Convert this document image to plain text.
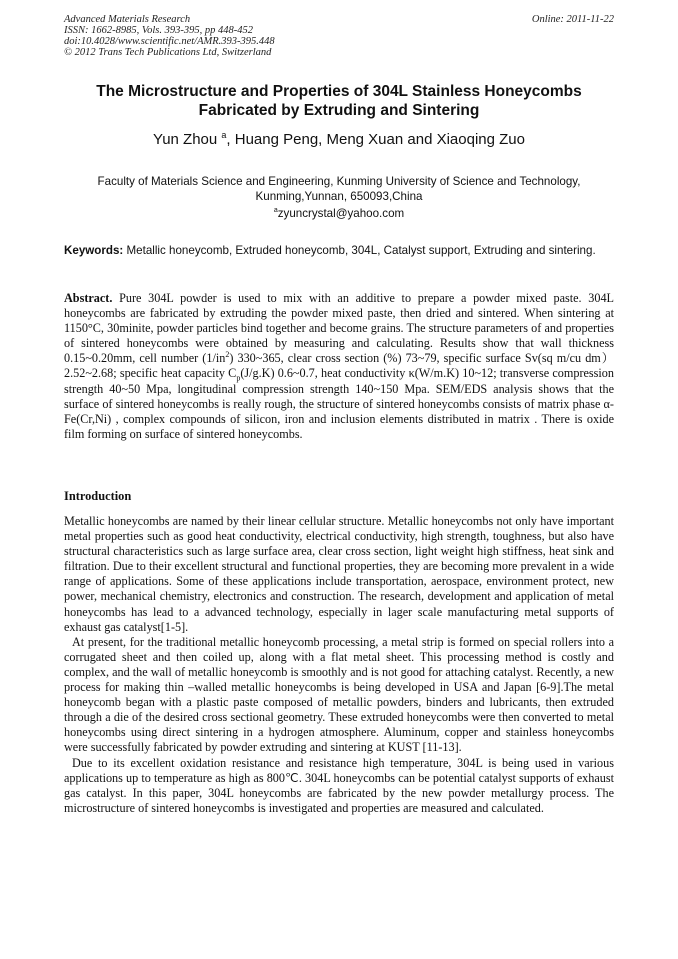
Advanced Materials Research
ISSN: 1662-8985, Vols. 393-395, pp 448-452
doi:10.4028/www.scientific.net/AMR.393-395.448
© 2012 Trans Tech Publications Ltd, Switzerland
Online: 2011-11-22
The Microstructure and Properties of 304L Stainless Honeycombs
Fabricated by Extruding and Sintering
Yun Zhou $^a$, Huang Peng, Meng Xuan and Xiaoqing Zuo
Faculty of Materials Science and Engineering, Kunming University of Science and Technology,
Kunming,Yunnan, 650093,China
$^a$zyuncrystal@yahoo.com
Keywords: Metallic honeycomb, Extruded honeycomb, 304L, Catalyst support, Extruding and sintering.
Abstract. Pure 304L powder is used to mix with an additive to prepare a powder mixed paste. 304L honeycombs are fabricated by extruding the powder mixed paste, then dried and sintered. When sintering at 1150°C, 30minite, powder particles bind together and become grains. The structure parameters of and properties of sintered honeycombs were obtained by measuring and calculating. Results show that wall thickness 0.15~0.20mm, cell number $(1/in^2)$ 330~365, clear cross section (%) 73~79, specific surface Sv(sq m/cu dm）2.52~2.68; specific heat capacity $C_p(J/g.K)$ 0.6~0.7, heat conductivity κ(W/m.K) 10~12; transverse compression strength 40~50 Mpa, longitudinal compression strength 140~150 Mpa. SEM/EDS analysis shows that the surface of sintered honeycombs is really rough, the structure of sintered honeycombs consists of matrix phase α-Fe(Cr,Ni) , complex compounds of silicon, iron and inclusion elements distributed in matrix . There is oxide film forming on surface of sintered honeycombs.
Introduction

Metallic honeycombs are named by their linear cellular structure. Metallic honeycombs not only have important metal properties such as good heat conductivity, electrical conductivity, high strength, toughness, but also have structural characteristics such as large surface area, clear cross section, light weight high stiffness, heat sink and filtration. Due to their excellent structural and functional properties, they are becoming more prevalent in a wide range of applications. Some of these applications include transportation, aerospace, environment protect, new power, mechanical chemistry, electronics and construction. The research, development and application of metal honeycombs has lead to a advanced technology, especially in lager scale manufacturing metal supports of exhaust gas catalyst[1-5].

At present, for the traditional metallic honeycomb processing, a metal strip is formed on special rollers into a corrugated sheet and then coiled up, along with a flat metal sheet. This processing method is costly and complex, and the wall of metallic honeycomb is smoothly and is not good for attaching catalyst. Recently, a new process for making thin –walled metallic honeycombs is being developed in USA and Japan [6-9].The metal honeycomb began with a plastic paste composed of metallic powders, binders and lubricants, then extruded through a die of the desired cross sectional geometry. These extruded honeycombs were then converted to metal honeycombs using direct sintering in a hydrogen atmosphere. Aluminum, copper and stainless honeycombs were successfully fabricated by powder extruding and sintering at KUST [11-13].

Due to its excellent oxidation resistance and resistance high temperature, 304L is being used in various applications up to temperature as high as 800℃. 304L honeycombs can be potential catalyst supports of exhaust gas catalyst. In this paper, 304L honeycombs are fabricated by the new powder metallurgy process. The microstructure of sintered honeycombs is investigated and properties are measured and calculated.
